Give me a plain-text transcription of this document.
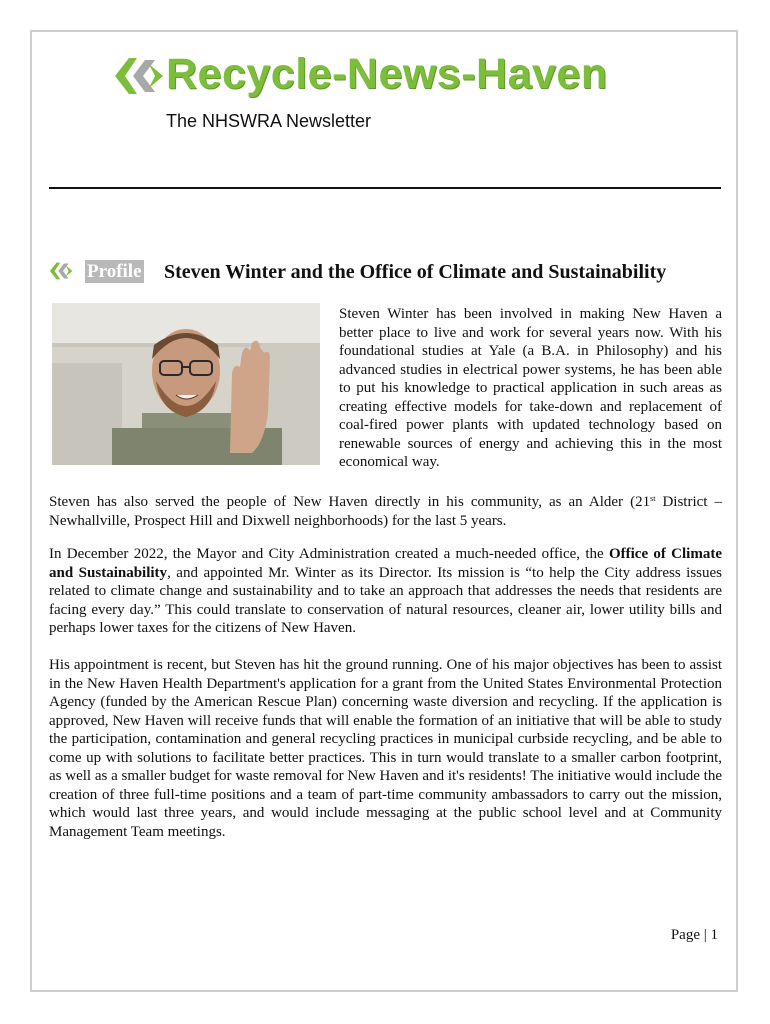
Recycle-News-Haven
The NHSWRA Newsletter
Profile Steven Winter and the Office of Climate and Sustainability

Steven Winter has been involved in making New Haven a better place to live and work for several years now. With his foundational studies at Yale (a B.A. in Philosophy) and his advanced studies in electrical power systems, he has been able to put his knowledge to practical application in such areas as creating effective models for take-down and replacement of coal-fired power plants with updated technology based on renewable sources of energy and achieving this in the most economical way.

Steven has also served the people of New Haven directly in his community, as an Alder (21st District – Newhallville, Prospect Hill and Dixwell neighborhoods) for the last 5 years.

In December 2022, the Mayor and City Administration created a much-needed office, the Office of Climate and Sustainability, and appointed Mr. Winter as its Director. Its mission is “to help the City address issues related to climate change and sustainability and to take an approach that addresses the needs that residents are facing every day.” This could translate to conservation of natural resources, cleaner air, lower utility bills and perhaps lower taxes for the citizens of New Haven.

His appointment is recent, but Steven has hit the ground running. One of his major objectives has been to assist in the New Haven Health Department's application for a grant from the United States Environmental Protection Agency (funded by the American Rescue Plan) concerning waste diversion and recycling. If the application is approved, New Haven will receive funds that will enable the formation of an initiative that will be able to study the participation, contamination and general recycling practices in municipal curbside recycling, and be able to come up with solutions to facilitate better practices. This in turn would translate to a smaller carbon footprint, as well as a smaller budget for waste removal for New Haven and it's residents! The initiative would include the creation of three full-time positions and a team of part-time community ambassadors to carry out the mission, which would last three years, and would include messaging at the public school level and at Community Management Team meetings.

Page | 1
